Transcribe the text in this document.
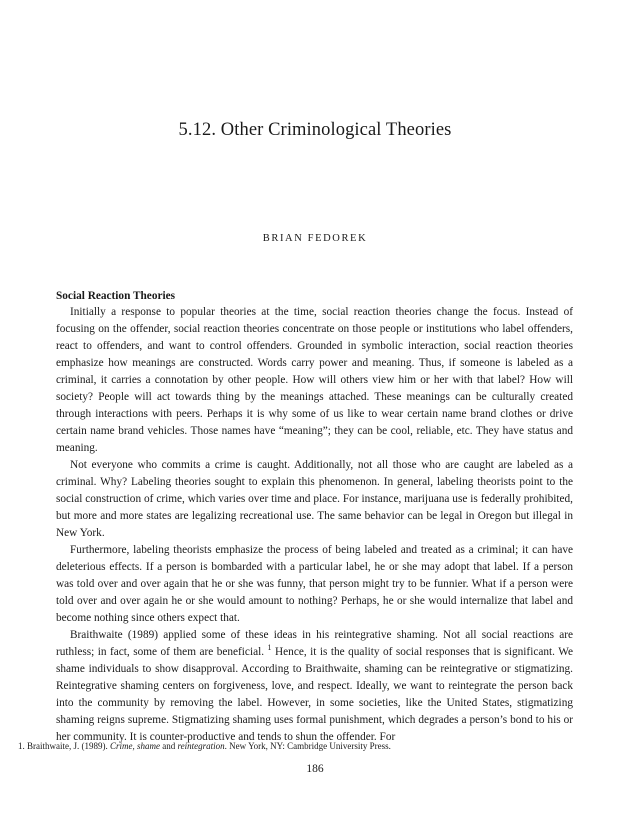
5.12. Other Criminological Theories
BRIAN FEDOREK

Social Reaction Theories

Initially a response to popular theories at the time, social reaction theories change the focus. Instead of focusing on the offender, social reaction theories concentrate on those people or institutions who label offenders, react to offenders, and want to control offenders. Grounded in symbolic interaction, social reaction theories emphasize how meanings are constructed. Words carry power and meaning. Thus, if someone is labeled as a criminal, it carries a connotation by other people. How will others view him or her with that label? How will society? People will act towards thing by the meanings attached. These meanings can be culturally created through interactions with peers. Perhaps it is why some of us like to wear certain name brand clothes or drive certain name brand vehicles. Those names have “meaning”; they can be cool, reliable, etc. They have status and meaning.

Not everyone who commits a crime is caught. Additionally, not all those who are caught are labeled as a criminal. Why? Labeling theories sought to explain this phenomenon. In general, labeling theorists point to the social construction of crime, which varies over time and place. For instance, marijuana use is federally prohibited, but more and more states are legalizing recreational use. The same behavior can be legal in Oregon but illegal in New York.

Furthermore, labeling theorists emphasize the process of being labeled and treated as a criminal; it can have deleterious effects. If a person is bombarded with a particular label, he or she may adopt that label. If a person was told over and over again that he or she was funny, that person might try to be funnier. What if a person were told over and over again he or she would amount to nothing? Perhaps, he or she would internalize that label and become nothing since others expect that.

Braithwaite (1989) applied some of these ideas in his reintegrative shaming. Not all social reactions are ruthless; in fact, some of them are beneficial. $^1$ Hence, it is the quality of social responses that is significant. We shame individuals to show disapproval. According to Braithwaite, shaming can be reintegrative or stigmatizing. Reintegrative shaming centers on forgiveness, love, and respect. Ideally, we want to reintegrate the person back into the community by removing the label. However, in some societies, like the United States, stigmatizing shaming reigns supreme. Stigmatizing shaming uses formal punishment, which degrades a person’s bond to his or her community. It is counter-productive and tends to shun the offender. For

1. Braithwaite, J. (1989). Crime, shame and reintegration. New York, NY: Cambridge University Press.
186
